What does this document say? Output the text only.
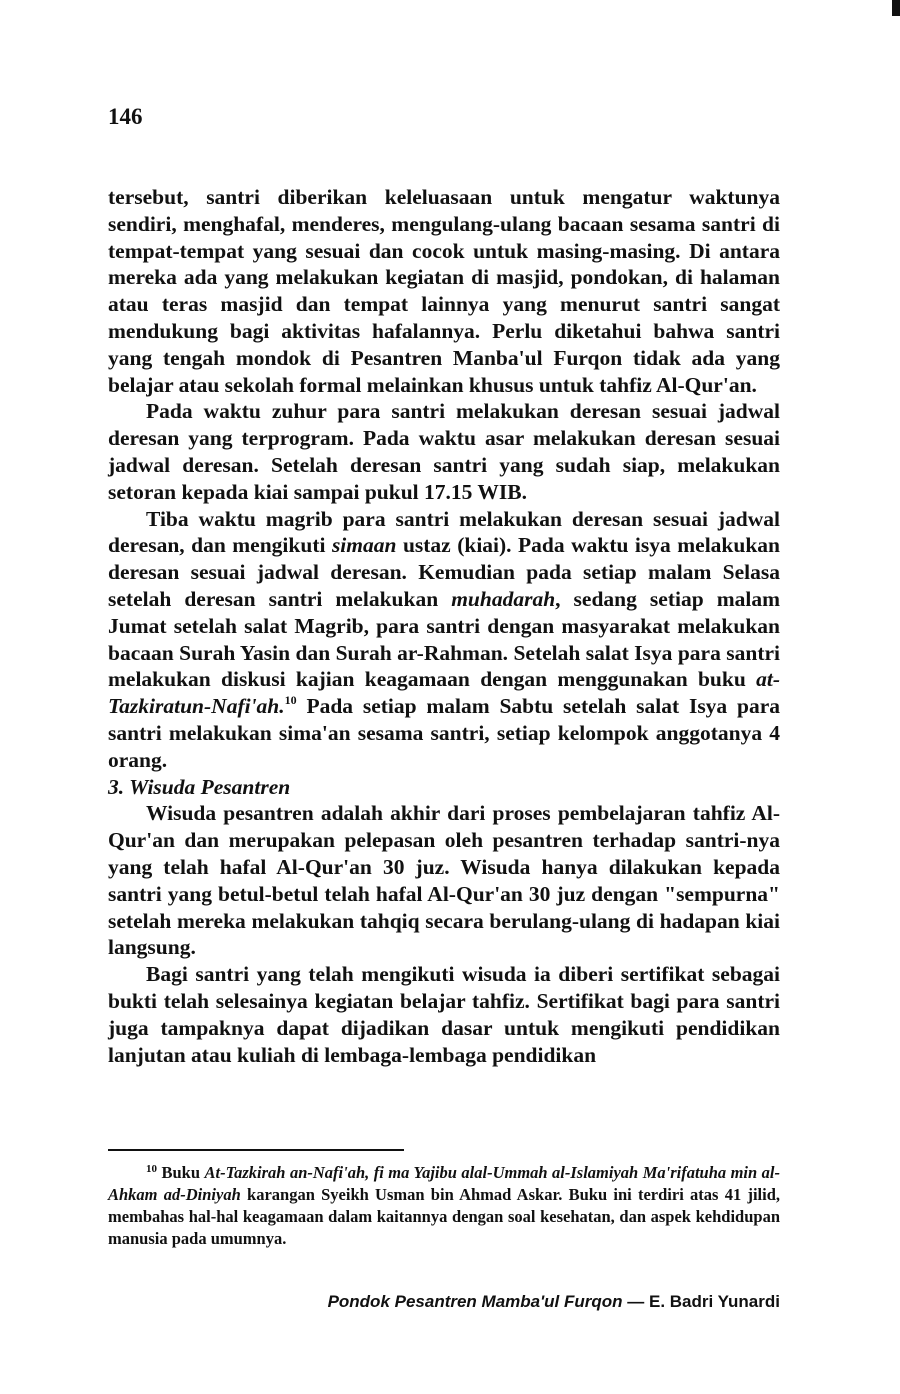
146

tersebut, santri diberikan keleluasaan untuk mengatur waktunya sendiri, menghafal, menderes, mengulang-ulang bacaan sesama santri di tempat-tempat yang sesuai dan cocok untuk masing-masing. Di antara mereka ada yang melakukan kegiatan di masjid, pondokan, di halaman atau teras masjid dan tempat lainnya yang menurut santri sangat mendukung bagi aktivitas hafalannya. Perlu diketahui bahwa santri yang tengah mondok di Pesantren Manba'ul Furqon tidak ada yang belajar atau sekolah formal melainkan khusus untuk tahfiz Al-Qur'an.

Pada waktu zuhur para santri melakukan deresan sesuai jadwal deresan yang terprogram. Pada waktu asar melakukan deresan sesuai jadwal deresan. Setelah deresan santri yang sudah siap, melakukan setoran kepada kiai sampai pukul 17.15 WIB.

Tiba waktu magrib para santri melakukan deresan sesuai jadwal deresan, dan mengikuti simaan ustaz (kiai). Pada waktu isya melakukan deresan sesuai jadwal deresan. Kemudian pada setiap malam Selasa setelah deresan santri melakukan muhadarah, sedang setiap malam Jumat setelah salat Magrib, para santri dengan masyarakat melakukan bacaan Surah Yasin dan Surah ar-Rahman. Setelah salat Isya para santri melakukan diskusi kajian keagamaan dengan menggunakan buku at-Tazkiratun-Nafi'ah.$^{10}$ Pada setiap malam Sabtu setelah salat Isya para santri melakukan sima'an sesama santri, setiap kelompok anggotanya 4 orang.

3. Wisuda Pesantren

Wisuda pesantren adalah akhir dari proses pembelajaran tahfiz Al-Qur'an dan merupakan pelepasan oleh pesantren terhadap santri-nya yang telah hafal Al-Qur'an 30 juz. Wisuda hanya dilakukan kepada santri yang betul-betul telah hafal Al-Qur'an 30 juz dengan "sempurna" setelah mereka melakukan tahqiq secara berulang-ulang di hadapan kiai langsung.

Bagi santri yang telah mengikuti wisuda ia diberi sertifikat sebagai bukti telah selesainya kegiatan belajar tahfiz. Sertifikat bagi para santri juga tampaknya dapat dijadikan dasar untuk mengikuti pendidikan lanjutan atau kuliah di lembaga-lembaga pendidikan

$^{10}$ Buku At-Tazkirah an-Nafi'ah, fi ma Yajibu alal-Ummah al-Islamiyah Ma'rifatuha min al-Ahkam ad-Diniyah karangan Syeikh Usman bin Ahmad Askar. Buku ini terdiri atas 41 jilid, membahas hal-hal keagamaan dalam kaitannya dengan soal kesehatan, dan aspek kehdidupan manusia pada umumnya.
Pondok Pesantren Mamba'ul Furqon — E. Badri Yunardi
